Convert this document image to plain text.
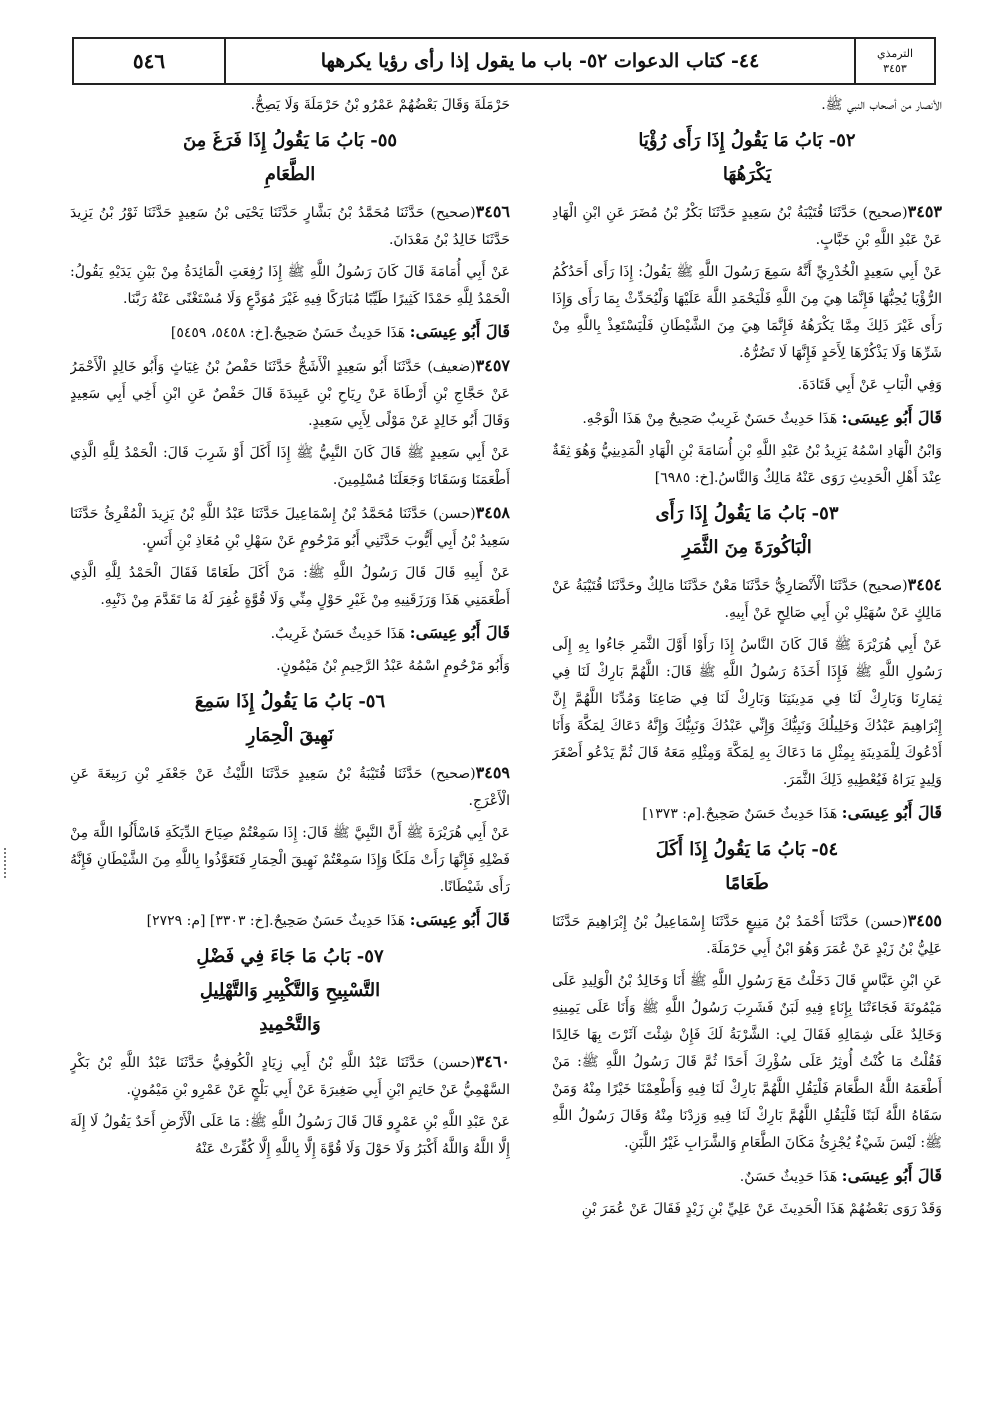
٥٤٦	٤٤- كتاب الدعوات ٥٢- باب ما يقول إذا رأى رؤيا يكرهها	الترمذي
٣٤٥٣

الأنصار من أصحاب النبي ﷺ.

٥٢- بَابُ مَا يَقُولُ إِذَا رَأَى رُؤْيَا
يَكْرَهُهَا

٣٤٥٣(صحيح) حَدَّثَنَا قُتَيْبَةُ بْنُ سَعِيدٍ حَدَّثَنَا بَكْرُ بْنُ مُضَرَ عَنِ ابْنِ الْهَادِ عَنْ عَبْدِ اللَّهِ بْنِ خَبَّابٍ.

عَنْ أَبِي سَعِيدٍ الْخُدْرِيِّ أَنَّهُ سَمِعَ رَسُولَ اللَّهِ ﷺ يَقُولُ: إِذَا رَأَى أَحَدُكُمُ الرُّؤْيَا يُحِبُّهَا فَإِنَّمَا هِيَ مِنَ اللَّهِ فَلْيَحْمَدِ اللَّهَ عَلَيْهَا وَلْيُحَدِّثْ بِمَا رَأَى وَإِذَا رَأَى غَيْرَ ذَلِكَ مِمَّا يَكْرَهُهُ فَإِنَّمَا هِيَ مِنَ الشَّيْطَانِ فَلْيَسْتَعِذْ بِاللَّهِ مِنْ شَرِّهَا وَلَا يَذْكُرْهَا لِأَحَدٍ فَإِنَّهَا لَا تَضُرُّهُ.

وَفِي الْبَابِ عَنْ أَبِي قَتَادَةَ.

قَالَ أَبُو عِيسَى: هَذَا حَدِيثٌ حَسَنٌ غَرِيبٌ صَحِيحٌ مِنْ هَذَا الْوَجْهِ.

وَابْنُ الْهَادِ اسْمُهُ يَزِيدُ بْنُ عَبْدِ اللَّهِ بْنِ أُسَامَةَ بْنِ الْهَادِ الْمَدِينِيُّ وَهُوَ ثِقَةٌ عِنْدَ أَهْلِ الْحَدِيثِ رَوَى عَنْهُ مَالِكٌ وَالنَّاسُ.[خ: ٦٩٨٥]

٥٣- بَابُ مَا يَقُولُ إِذَا رَأَى
الْبَاكُورَةَ مِنَ الثَّمَرِ

٣٤٥٤(صحيح) حَدَّثَنَا الْأَنْصَارِيُّ حَدَّثَنَا مَعْنٌ حَدَّثَنَا مَالِكٌ وحَدَّثَنَا قُتَيْبَةُ عَنْ مَالِكٍ عَنْ سُهَيْلِ بْنِ أَبِي صَالِحٍ عَنْ أَبِيهِ.

عَنْ أَبِي هُرَيْرَةَ ﷺ قَالَ كَانَ النَّاسُ إِذَا رَأَوْا أَوَّلَ الثَّمَرِ جَاءُوا بِهِ إِلَى رَسُولِ اللَّهِ ﷺ فَإِذَا أَخَذَهُ رَسُولُ اللَّهِ ﷺ قَالَ: اللَّهُمَّ بَارِكْ لَنَا فِي ثِمَارِنَا وَبَارِكْ لَنَا فِي مَدِينَتِنَا وَبَارِكْ لَنَا فِي صَاعِنَا وَمُدِّنَا اللَّهُمَّ إِنَّ إِبْرَاهِيمَ عَبْدُكَ وَخَلِيلُكَ وَنَبِيُّكَ وَإِنِّي عَبْدُكَ وَنَبِيُّكَ وَإِنَّهُ دَعَاكَ لِمَكَّةَ وَأَنَا أَدْعُوكَ لِلْمَدِينَةِ بِمِثْلِ مَا دَعَاكَ بِهِ لِمَكَّةَ وَمِثْلِهِ مَعَهُ قَالَ ثُمَّ يَدْعُو أَصْغَرَ وَلِيدٍ يَرَاهُ فَيُعْطِيهِ ذَلِكَ الثَّمَرَ.

قَالَ أَبُو عِيسَى: هَذَا حَدِيثٌ حَسَنٌ صَحِيحٌ.[م: ١٣٧٣]

٥٤- بَابُ مَا يَقُولُ إِذَا أَكَلَ
طَعَامًا

٣٤٥٥(حسن) حَدَّثَنَا أَحْمَدُ بْنُ مَنِيعٍ حَدَّثَنَا إِسْمَاعِيلُ بْنُ إِبْرَاهِيمَ حَدَّثَنَا عَلِيُّ بْنُ زَيْدٍ عَنْ عُمَرَ وَهُوَ ابْنُ أَبِي حَرْمَلَةَ.

عَنِ ابْنِ عَبَّاسٍ قَالَ دَخَلْتُ مَعَ رَسُولِ اللَّهِ ﷺ أَنَا وَخَالِدُ بْنُ الْوَلِيدِ عَلَى مَيْمُونَةَ فَجَاءَتْنَا بِإِنَاءٍ فِيهِ لَبَنٌ فَشَرِبَ رَسُولُ اللَّهِ ﷺ وَأَنَا عَلَى يَمِينِهِ وَخَالِدٌ عَلَى شِمَالِهِ فَقَالَ لِي: الشَّرْبَةُ لَكَ فَإِنْ شِئْتَ آثَرْتَ بِهَا خَالِدًا فَقُلْتُ مَا كُنْتُ أُوثِرُ عَلَى سُؤْرِكَ أَحَدًا ثُمَّ قَالَ رَسُولُ اللَّهِ ﷺ: مَنْ أَطْعَمَهُ اللَّهُ الطَّعَامَ فَلْيَقُلِ اللَّهُمَّ بَارِكْ لَنَا فِيهِ وَأَطْعِمْنَا خَيْرًا مِنْهُ وَمَنْ سَقَاهُ اللَّهُ لَبَنًا فَلْيَقُلِ اللَّهُمَّ بَارِكْ لَنَا فِيهِ وَزِدْنَا مِنْهُ وَقَالَ رَسُولُ اللَّهِ ﷺ: لَيْسَ شَيْءٌ يُجْزِئُ مَكَانَ الطَّعَامِ وَالشَّرَابِ غَيْرُ اللَّبَنِ.

قَالَ أَبُو عِيسَى: هَذَا حَدِيثٌ حَسَنٌ.

وَقَدْ رَوَى بَعْضُهُمْ هَذَا الْحَدِيثَ عَنْ عَلِيِّ بْنِ زَيْدٍ فَقَالَ عَنْ عُمَرَ بْنِ

حَرْمَلَةَ وَقَالَ بَعْضُهُمْ عَمْرُو بْنُ حَرْمَلَةَ وَلَا يَصِحُّ.

٥٥- بَابُ مَا يَقُولُ إِذَا فَرَغَ مِنَ
الطَّعَامِ

٣٤٥٦(صحيح) حَدَّثَنَا مُحَمَّدُ بْنُ بَشَّارٍ حَدَّثَنَا يَحْيَى بْنُ سَعِيدٍ حَدَّثَنَا ثَوْرُ بْنُ يَزِيدَ حَدَّثَنَا خَالِدُ بْنُ مَعْدَانَ.

عَنْ أَبِي أُمَامَةَ قَالَ كَانَ رَسُولُ اللَّهِ ﷺ إِذَا رُفِعَتِ الْمَائِدَةُ مِنْ بَيْنِ يَدَيْهِ يَقُولُ: الْحَمْدُ لِلَّهِ حَمْدًا كَثِيرًا طَيِّبًا مُبَارَكًا فِيهِ غَيْرَ مُوَدَّعٍ وَلَا مُسْتَغْنًى عَنْهُ رَبَّنَا.

قَالَ أَبُو عِيسَى: هَذَا حَدِيثٌ حَسَنٌ صَحِيحٌ.[خ: ٥٤٥٨، ٥٤٥٩]

٣٤٥٧(ضعيف) حَدَّثَنَا أَبُو سَعِيدٍ الْأَشَجُّ حَدَّثَنَا حَفْصُ بْنُ غِيَاثٍ وَأَبُو خَالِدٍ الْأَحْمَرُ عَنْ حَجَّاجِ بْنِ أَرْطَاةَ عَنْ رِيَاحِ بْنِ عَبِيدَةَ قَالَ حَفْصٌ عَنِ ابْنِ أَخِي أَبِي سَعِيدٍ وَقَالَ أَبُو خَالِدٍ عَنْ مَوْلًى لِأَبِي سَعِيدٍ.

عَنْ أَبِي سَعِيدٍ ﷺ قَالَ كَانَ النَّبِيُّ ﷺ إِذَا أَكَلَ أَوْ شَرِبَ قَالَ: الْحَمْدُ لِلَّهِ الَّذِي أَطْعَمَنَا وَسَقَانَا وَجَعَلَنَا مُسْلِمِينَ.

٣٤٥٨(حسن) حَدَّثَنَا مُحَمَّدُ بْنُ إِسْمَاعِيلَ حَدَّثَنَا عَبْدُ اللَّهِ بْنُ يَزِيدَ الْمُقْرِئُ حَدَّثَنَا سَعِيدُ بْنُ أَبِي أَيُّوبَ حَدَّثَنِي أَبُو مَرْحُومٍ عَنْ سَهْلِ بْنِ مُعَاذِ بْنِ أَنَسٍ.

عَنْ أَبِيهِ قَالَ قَالَ رَسُولُ اللَّهِ ﷺ: مَنْ أَكَلَ طَعَامًا فَقَالَ الْحَمْدُ لِلَّهِ الَّذِي أَطْعَمَنِي هَذَا وَرَزَقَنِيهِ مِنْ غَيْرِ حَوْلٍ مِنِّي وَلَا قُوَّةٍ غُفِرَ لَهُ مَا تَقَدَّمَ مِنْ ذَنْبِهِ.

قَالَ أَبُو عِيسَى: هَذَا حَدِيثٌ حَسَنٌ غَرِيبٌ.

وَأَبُو مَرْحُومٍ اسْمُهُ عَبْدُ الرَّحِيمِ بْنُ مَيْمُونٍ.

٥٦- بَابُ مَا يَقُولُ إِذَا سَمِعَ
نَهِيقَ الْحِمَارِ

٣٤٥٩(صحيح) حَدَّثَنَا قُتَيْبَةُ بْنُ سَعِيدٍ حَدَّثَنَا اللَّيْثُ عَنْ جَعْفَرِ بْنِ رَبِيعَةَ عَنِ الْأَعْرَجِ.

عَنْ أَبِي هُرَيْرَةَ ﷺ أَنَّ النَّبِيَّ ﷺ قَالَ: إِذَا سَمِعْتُمْ صِيَاحَ الدِّيَكَةِ فَاسْأَلُوا اللَّهَ مِنْ فَضْلِهِ فَإِنَّهَا رَأَتْ مَلَكًا وَإِذَا سَمِعْتُمْ نَهِيقَ الْحِمَارِ فَتَعَوَّذُوا بِاللَّهِ مِنَ الشَّيْطَانِ فَإِنَّهُ رَأَى شَيْطَانًا.

قَالَ أَبُو عِيسَى: هَذَا حَدِيثٌ حَسَنٌ صَحِيحٌ.[خ: ٣٣٠٣] [م: ٢٧٢٩]

٥٧- بَابُ مَا جَاءَ فِي فَضْلِ
التَّسْبِيحِ وَالتَّكْبِيرِ وَالتَّهْلِيلِ
وَالتَّحْمِيدِ

٣٤٦٠(حسن) حَدَّثَنَا عَبْدُ اللَّهِ بْنُ أَبِي زِيَادٍ الْكُوفِيُّ حَدَّثَنَا عَبْدُ اللَّهِ بْنُ بَكْرٍ السَّهْمِيُّ عَنْ حَاتِمِ ابْنِ أَبِي صَغِيرَةَ عَنْ أَبِي بَلْجٍ عَنْ عَمْرِو بْنِ مَيْمُونٍ.

عَنْ عَبْدِ اللَّهِ بْنِ عَمْرٍو قَالَ قَالَ رَسُولُ اللَّهِ ﷺ: مَا عَلَى الْأَرْضِ أَحَدٌ يَقُولُ لَا إِلَهَ إِلَّا اللَّهُ وَاللَّهُ أَكْبَرُ وَلَا حَوْلَ وَلَا قُوَّةَ إِلَّا بِاللَّهِ إِلَّا كُفِّرَتْ عَنْهُ
